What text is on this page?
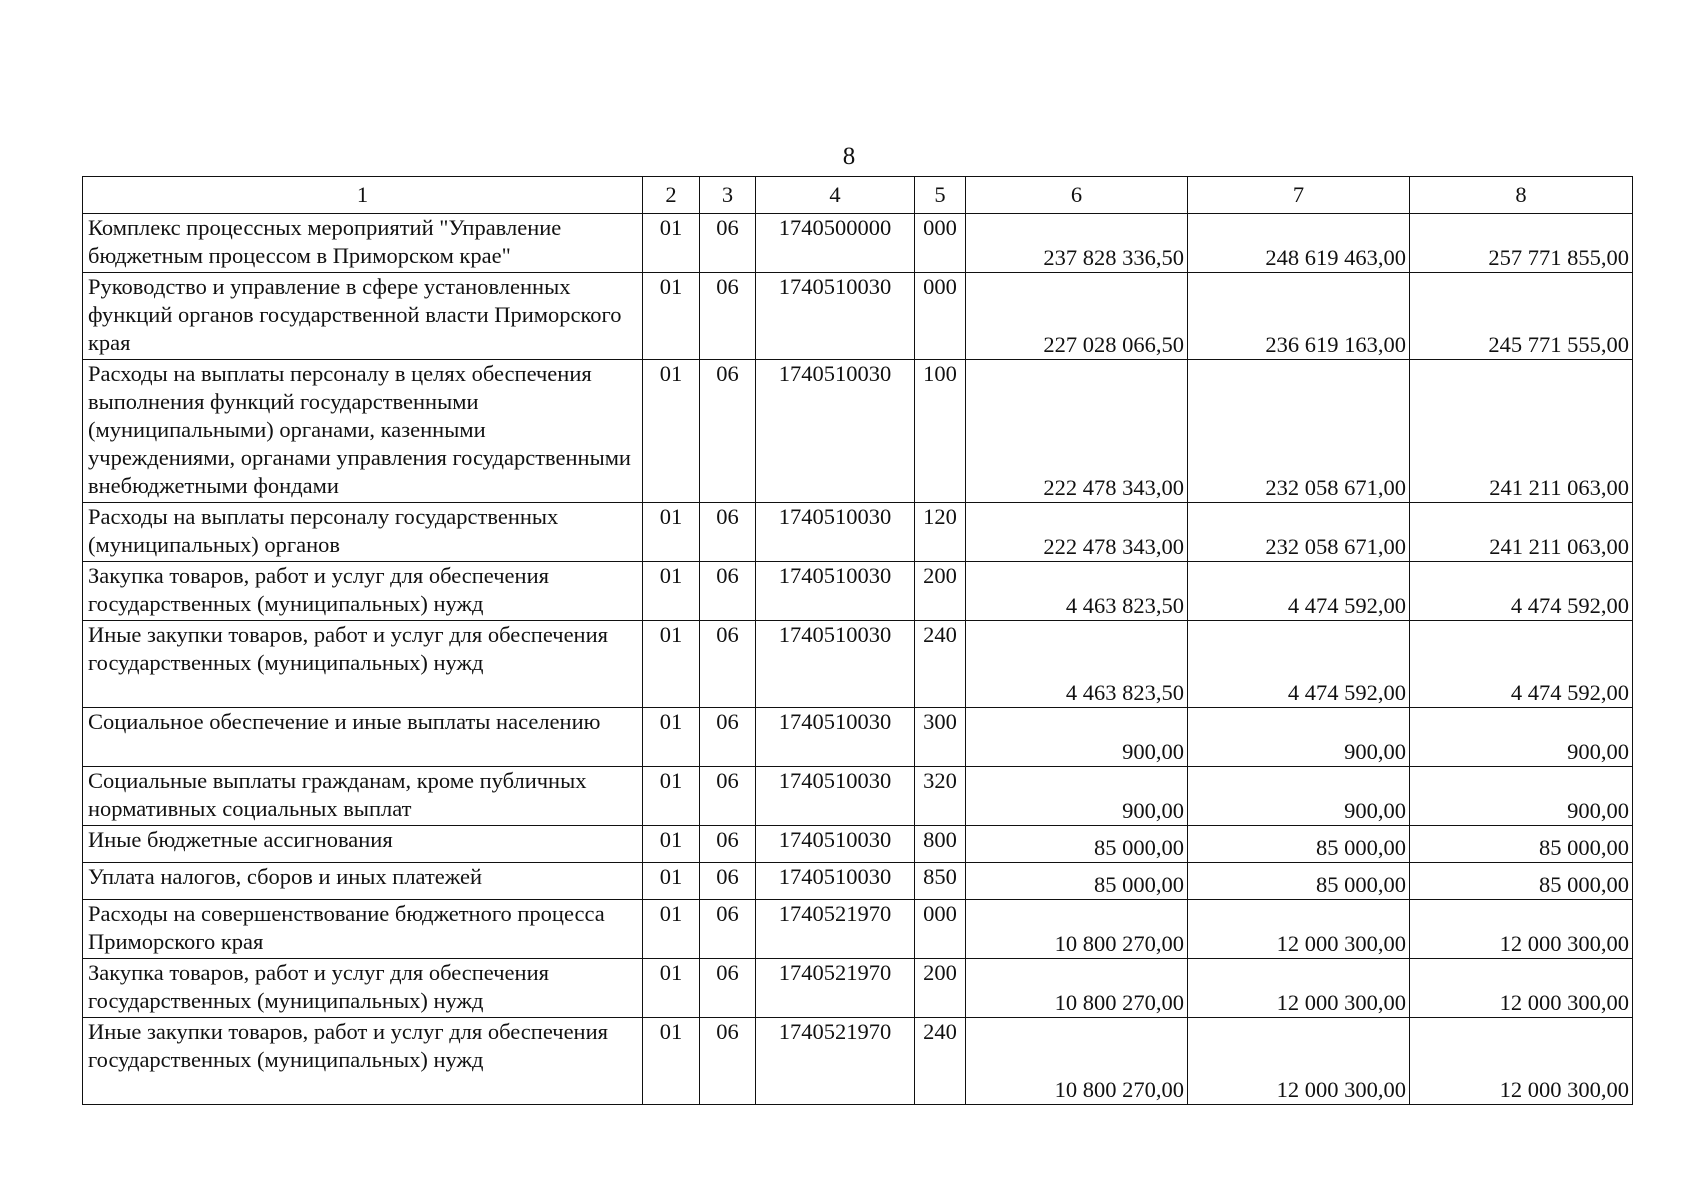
8
1	2	3	4	5	6	7	8
Комплекс процессных мероприятий "Управление бюджетным процессом в Приморском крае"	01	06	1740500000	000	237 828 336,50	248 619 463,00	257 771 855,00
Руководство и управление в сфере установленных функций органов государственной власти Приморского края	01	06	1740510030	000	227 028 066,50	236 619 163,00	245 771 555,00
Расходы на выплаты персоналу в целях обеспечения выполнения функций государственными (муниципальными) органами, казенными учреждениями, органами управления государственными внебюджетными фондами	01	06	1740510030	100	222 478 343,00	232 058 671,00	241 211 063,00
Расходы на выплаты персоналу государственных (муниципальных) органов	01	06	1740510030	120	222 478 343,00	232 058 671,00	241 211 063,00
Закупка товаров, работ и услуг для обеспечения государственных (муниципальных) нужд	01	06	1740510030	200	4 463 823,50	4 474 592,00	4 474 592,00
Иные закупки товаров, работ и услуг для обеспечения государственных (муниципальных) нужд	01	06	1740510030	240	4 463 823,50	4 474 592,00	4 474 592,00
Социальное обеспечение и иные выплаты населению	01	06	1740510030	300	900,00	900,00	900,00
Социальные выплаты гражданам, кроме публичных нормативных социальных выплат	01	06	1740510030	320	900,00	900,00	900,00
Иные бюджетные ассигнования	01	06	1740510030	800	85 000,00	85 000,00	85 000,00
Уплата налогов, сборов и иных платежей	01	06	1740510030	850	85 000,00	85 000,00	85 000,00
Расходы на совершенствование бюджетного процесса Приморского края	01	06	1740521970	000	10 800 270,00	12 000 300,00	12 000 300,00
Закупка товаров, работ и услуг для обеспечения государственных (муниципальных) нужд	01	06	1740521970	200	10 800 270,00	12 000 300,00	12 000 300,00
Иные закупки товаров, работ и услуг для обеспечения государственных (муниципальных) нужд	01	06	1740521970	240	10 800 270,00	12 000 300,00	12 000 300,00
